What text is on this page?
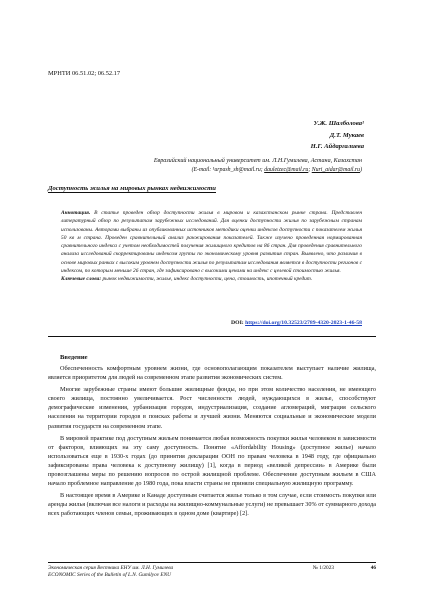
МРНТИ 06.51.02; 06.52.17
У.Ж. Шалболова¹
Д.Т. Мукаев
Н.Г. Айдаргалиева
Евразийский национальный университет им. Л.Н.Гумилева, Астана, Казахстан
(E-mail: ¹urpash_sh@mail.ru; dauletzec@mail.ru; Nuri_aidar@mail.ru)
Доступность жилья на мировых рынках недвижимости
Аннотация. В статье проведен обзор доступности жилья в мировом и казахстанском рынке страна. Представлен литературный обзор по результатам зарубежных исследований. Для оценки доступности жилья по зарубежным странам использованы. Авторами выбраны из опубликованных источников методики оценки индексов доступности с показателем жилья 50 кв м страна. Проведен сравнительный анализ ранжирования показателей. Также изучено проведенная нормированная сравнительного индекса с учетом необходимостей получения жилищного кредитов на 86 стран. Для проведения сравнительного анализа исследований скорректированы индексом группы по экономическому уровня развития стран. Выявлено, что различия в основе мировых ранках с высоким уровнем доступности жилья по результатам исследования является в доступности регионов с индексом, по которым меньше 26 стран, где зафиксировано с высокими ценами на индекс с целевой стоимостью жилья.
Ключевые слова: рынок недвижимости, жилье, индекс доступности, цена, стоимость, ипотечный кредит.
DOI: https://doi.org/10.32523/2789-4320-2023-1-46-58
Введение

Обеспеченность комфортным уровнем жизни, где основополагающим показателем выступает наличие жилища, является приоритетом для людей на современном этапе развития экономических систем.

Многие зарубежные страны имеют большие жилищные фонды, но при этом количество населения, не имеющего своего жилища, постоянно увеличивается. Рост численности людей, нуждающихся в жилье, способствуют демографические изменения, урбанизация городов, индустриализация, создание агломераций, миграция сельского населения на территории городов в поисках работы и лучшей жизни. Меняются социальные и экономические модели развития государств на современном этапе.

В мировой практике под доступным жильем понимается любая возможность покупки жилья человеком в зависимости от факторов, влияющих на эту саму доступность. Понятие «Affordability Housing» (доступное жилье) начало использоваться еще в 1930-х годах (до принятия декларации ООН по правам человека в 1948 году, где официально зафиксированы права человека к доступному жилищу) [1], когда в период «великой депрессии» в Америке были провозглашены меры по решению вопросов по острой жилищной проблеме. Обеспечение доступным жильем в США начало проблемное направление до 1980 года, пока власти страны не приняли специальную жилищную программу.

В настоящее время в Америке и Канаде доступным считается жилье только в том случае, если стоимость покупки или аренды жилья (включая все налоги и расходы на жилищно-коммунальные услуги) не превышает 30% от суммарного дохода всех работающих членов семьи, проживающих в одном доме (квартире) [2].

Экономическая серия Вестника ЕНУ им. Л.Н. Гумилева
ECONOMIC Series of the Bulletin of L.N. Gumilyov ENU
№ 1/2023	46
